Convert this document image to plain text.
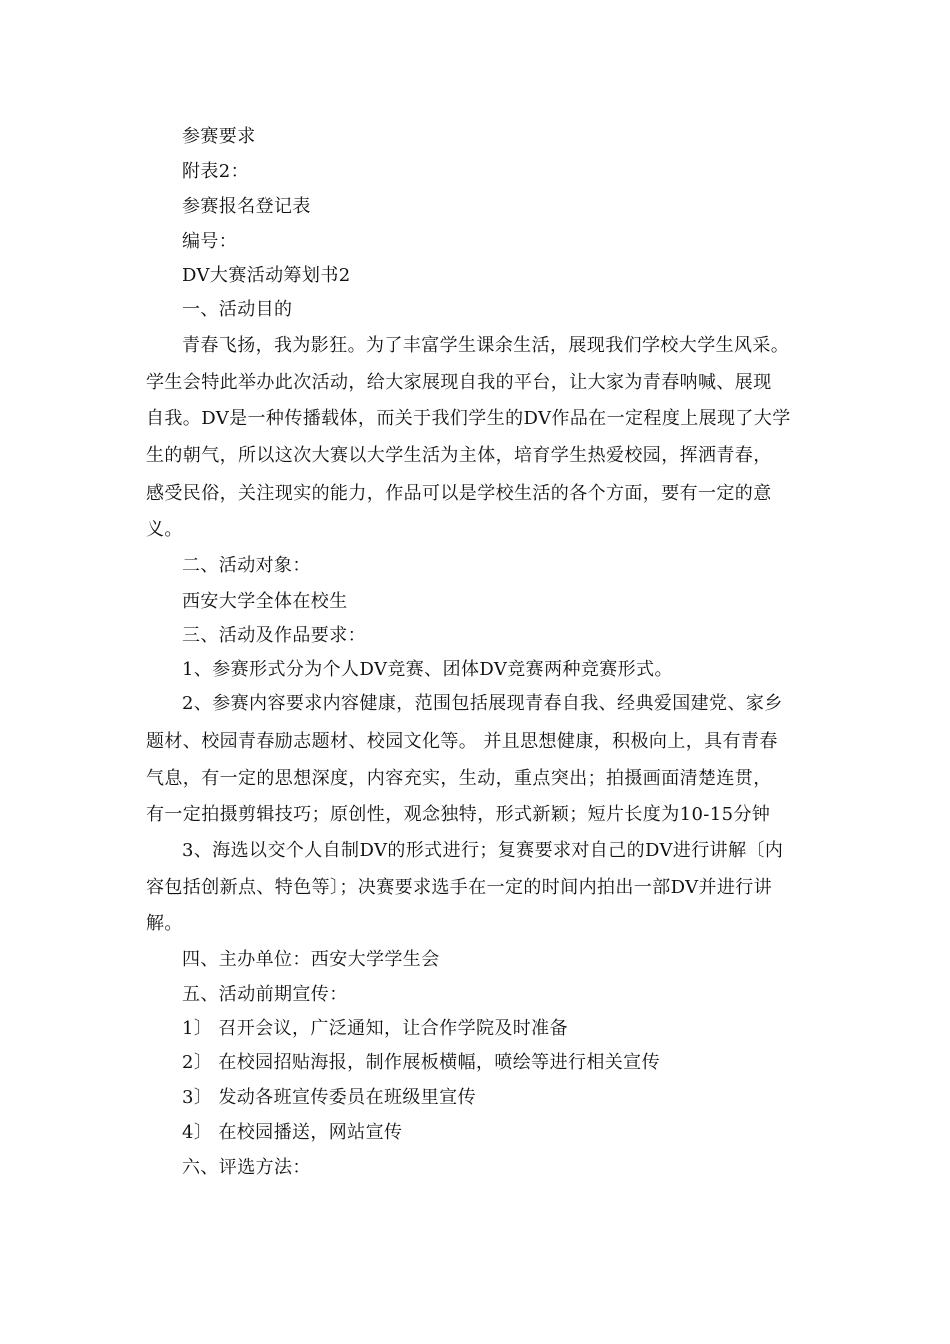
参赛要求
附表2：
参赛报名登记表
编号：
DV大赛活动筹划书2
一、活动目的
青春飞扬，我为影狂。为了丰富学生课余生活，展现我们学校大学生风采。
学生会特此举办此次活动，给大家展现自我的平台，让大家为青春呐喊、展现
自我。DV是一种传播载体，而关于我们学生的DV作品在一定程度上展现了大学
生的朝气，所以这次大赛以大学生活为主体，培育学生热爱校园，挥洒青春，
感受民俗，关注现实的能力，作品可以是学校生活的各个方面，要有一定的意
义。
二、活动对象：
西安大学全体在校生
三、活动及作品要求：
1、参赛形式分为个人DV竞赛、团体DV竞赛两种竞赛形式。
2、参赛内容要求内容健康，范围包括展现青春自我、经典爱国建党、家乡
题材、校园青春励志题材、校园文化等。 并且思想健康，积极向上，具有青春
气息，有一定的思想深度，内容充实，生动，重点突出；拍摄画面清楚连贯，
有一定拍摄剪辑技巧；原创性，观念独特，形式新颖；短片长度为10-15分钟
3、海选以交个人自制DV的形式进行；复赛要求对自己的DV进行讲解〔内
容包括创新点、特色等〕；决赛要求选手在一定的时间内拍出一部DV并进行讲
解。
四、主办单位：西安大学学生会
五、活动前期宣传：
1〕 召开会议，广泛通知，让合作学院及时准备
2〕 在校园招贴海报，制作展板横幅，喷绘等进行相关宣传
3〕 发动各班宣传委员在班级里宣传
4〕 在校园播送，网站宣传
六、评选方法：
